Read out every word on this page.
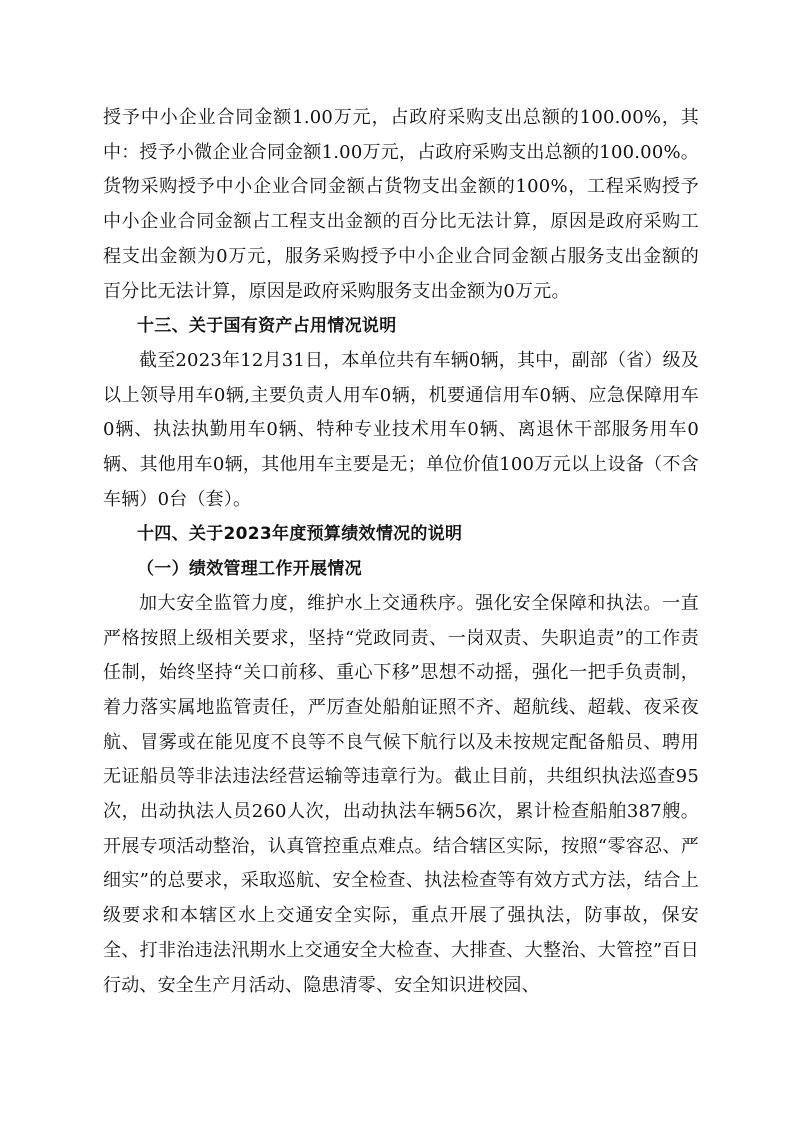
授予中小企业合同金额1.00万元，占政府采购支出总额的100.00%，其中：授予小微企业合同金额1.00万元，占政府采购支出总额的100.00%。货物采购授予中小企业合同金额占货物支出金额的100%，工程采购授予中小企业合同金额占工程支出金额的百分比无法计算，原因是政府采购工程支出金额为0万元，服务采购授予中小企业合同金额占服务支出金额的 百分比无法计算，原因是政府采购服务支出金额为0万元。

十三、关于国有资产占用情况说明

截至2023年12月31日，本单位共有车辆0辆，其中，副部（省）级及以上领导用车0辆,主要负责人用车0辆，机要通信用车0辆、应急保障用车0辆、执法执勤用车0辆、特种专业技术用车0辆、离退休干部服务用车0辆、其他用车0辆，其他用车主要是无；单位价值100万元以上设备（不含车辆）0台（套）。

十四、关于2023年度预算绩效情况的说明
（一）绩效管理工作开展情况

加大安全监管力度，维护水上交通秩序。强化安全保障和执法。一直严格按照上级相关要求，坚持“党政同责、一岗双责、失职追责”的工作责任制，始终坚持“关口前移、重心下移”思想不动摇，强化一把手负责制，着力落实属地监管责任，严厉查处船舶证照不齐、超航线、超载、夜采夜航、冒雾或在能见度不良等不良气候下航行以及未按规定配备船员、聘用无证船员等非法违法经营运输等违章行为。截止目前，共组织执法巡查95次，出动执法人员260人次，出动执法车辆56次，累计检查船舶387艘。开展专项活动整治，认真管控重点难点。结合辖区实际，按照“零容忍、严细实”的总要求，采取巡航、安全检查、执法检查等有效方式方法，结合上级要求和本辖区水上交通安全实际，重点开展了强执法，防事故，保安全、打非治违法汛期水上交通安全大检查、大排查、大整治、大管控”百日行动、安全生产月活动、隐患清零、安全知识进校园、
